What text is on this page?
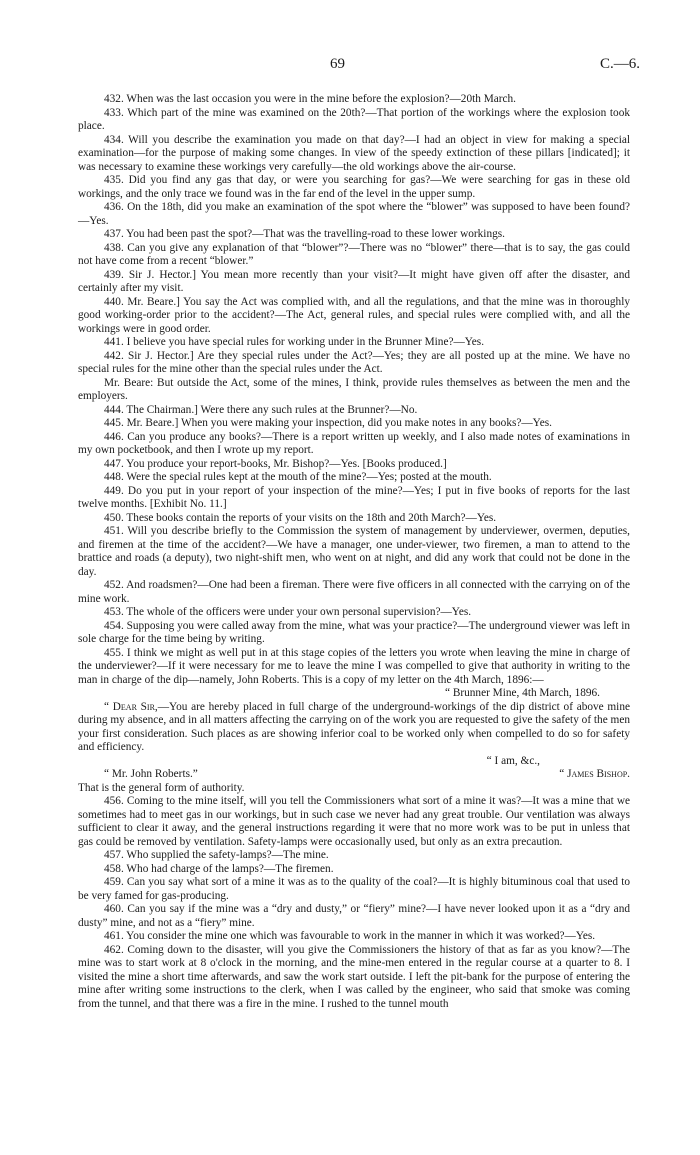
69	C.—6.

432. When was the last occasion you were in the mine before the explosion?—20th March.

433. Which part of the mine was examined on the 20th?—That portion of the workings where the explosion took place.

434. Will you describe the examination you made on that day?—I had an object in view for making a special examination—for the purpose of making some changes. In view of the speedy extinction of these pillars [indicated]; it was necessary to examine these workings very carefully—the old workings above the air-course.

435. Did you find any gas that day, or were you searching for gas?—We were searching for gas in these old workings, and the only trace we found was in the far end of the level in the upper sump.

436. On the 18th, did you make an examination of the spot where the “blower” was supposed to have been found?—Yes.

437. You had been past the spot?—That was the travelling-road to these lower workings.

438. Can you give any explanation of that “blower”?—There was no “blower” there—that is to say, the gas could not have come from a recent “blower.”

439. Sir J. Hector.] You mean more recently than your visit?—It might have given off after the disaster, and certainly after my visit.

440. Mr. Beare.] You say the Act was complied with, and all the regulations, and that the mine was in thoroughly good working-order prior to the accident?—The Act, general rules, and special rules were complied with, and all the workings were in good order.

441. I believe you have special rules for working under in the Brunner Mine?—Yes.

442. Sir J. Hector.] Are they special rules under the Act?—Yes; they are all posted up at the mine. We have no special rules for the mine other than the special rules under the Act.

Mr. Beare: But outside the Act, some of the mines, I think, provide rules themselves as between the men and the employers.

444. The Chairman.] Were there any such rules at the Brunner?—No.

445. Mr. Beare.] When you were making your inspection, did you make notes in any books?—Yes.

446. Can you produce any books?—There is a report written up weekly, and I also made notes of examinations in my own pocketbook, and then I wrote up my report.

447. You produce your report-books, Mr. Bishop?—Yes. [Books produced.]

448. Were the special rules kept at the mouth of the mine?—Yes; posted at the mouth.

449. Do you put in your report of your inspection of the mine?—Yes; I put in five books of reports for the last twelve months. [Exhibit No. 11.]

450. These books contain the reports of your visits on the 18th and 20th March?—Yes.

451. Will you describe briefly to the Commission the system of management by underviewer, overmen, deputies, and firemen at the time of the accident?—We have a manager, one under-viewer, two firemen, a man to attend to the brattice and roads (a deputy), two night-shift men, who went on at night, and did any work that could not be done in the day.

452. And roadsmen?—One had been a fireman. There were five officers in all connected with the carrying on of the mine work.

453. The whole of the officers were under your own personal supervision?—Yes.

454. Supposing you were called away from the mine, what was your practice?—The underground viewer was left in sole charge for the time being by writing.

455. I think we might as well put in at this stage copies of the letters you wrote when leaving the mine in charge of the underviewer?—If it were necessary for me to leave the mine I was compelled to give that authority in writing to the man in charge of the dip—namely, John Roberts. This is a copy of my letter on the 4th March, 1896:—

“ Brunner Mine, 4th March, 1896.

“ Dear Sir,—You are hereby placed in full charge of the underground-workings of the dip district of above mine during my absence, and in all matters affecting the carrying on of the work you are requested to give the safety of the men your first consideration. Such places as are showing inferior coal to be worked only when compelled to do so for safety and efficiency.

“ I am, &c.,

“ Mr. John Roberts.”	“ James Bishop.

That is the general form of authority.

456. Coming to the mine itself, will you tell the Commissioners what sort of a mine it was?—It was a mine that we sometimes had to meet gas in our workings, but in such case we never had any great trouble. Our ventilation was always sufficient to clear it away, and the general instructions regarding it were that no more work was to be put in unless that gas could be removed by ventilation. Safety-lamps were occasionally used, but only as an extra precaution.

457. Who supplied the safety-lamps?—The mine.

458. Who had charge of the lamps?—The firemen.

459. Can you say what sort of a mine it was as to the quality of the coal?—It is highly bituminous coal that used to be very famed for gas-producing.

460. Can you say if the mine was a “dry and dusty,” or “fiery” mine?—I have never looked upon it as a “dry and dusty” mine, and not as a “fiery” mine.

461. You consider the mine one which was favourable to work in the manner in which it was worked?—Yes.

462. Coming down to the disaster, will you give the Commissioners the history of that as far as you know?—The mine was to start work at 8 o'clock in the morning, and the mine-men entered in the regular course at a quarter to 8. I visited the mine a short time afterwards, and saw the work start outside. I left the pit-bank for the purpose of entering the mine after writing some instructions to the clerk, when I was called by the engineer, who said that smoke was coming from the tunnel, and that there was a fire in the mine. I rushed to the tunnel mouth
